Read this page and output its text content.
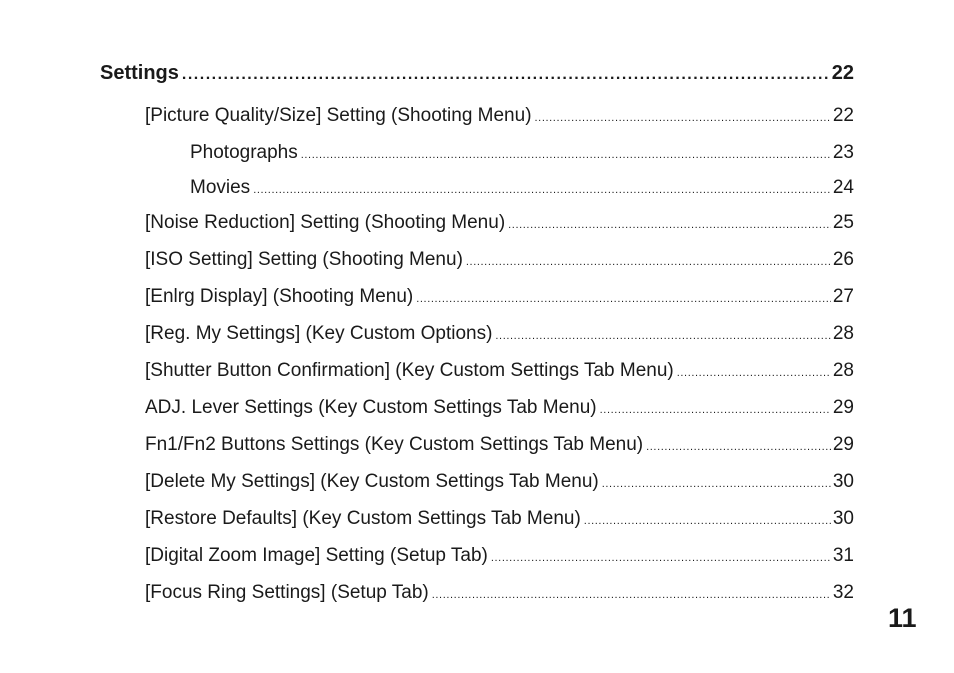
Settings .....	22
[Picture Quality/Size] Setting (Shooting Menu) .....	22
Photographs .....	23
Movies .....	24
[Noise Reduction] Setting (Shooting Menu) .....	25
[ISO Setting] Setting (Shooting Menu) .....	26
[Enlrg Display] (Shooting Menu) .....	27
[Reg. My Settings] (Key Custom Options) .....	28
[Shutter Button Confirmation] (Key Custom Settings Tab Menu) .....	28
ADJ. Lever Settings (Key Custom Settings Tab Menu) .....	29
Fn1/Fn2 Buttons Settings (Key Custom Settings Tab Menu) .....	29
[Delete My Settings] (Key Custom Settings Tab Menu) .....	30
[Restore Defaults] (Key Custom Settings Tab Menu) .....	30
[Digital Zoom Image] Setting (Setup Tab) .....	31
[Focus Ring Settings] (Setup Tab) .....	32
11
